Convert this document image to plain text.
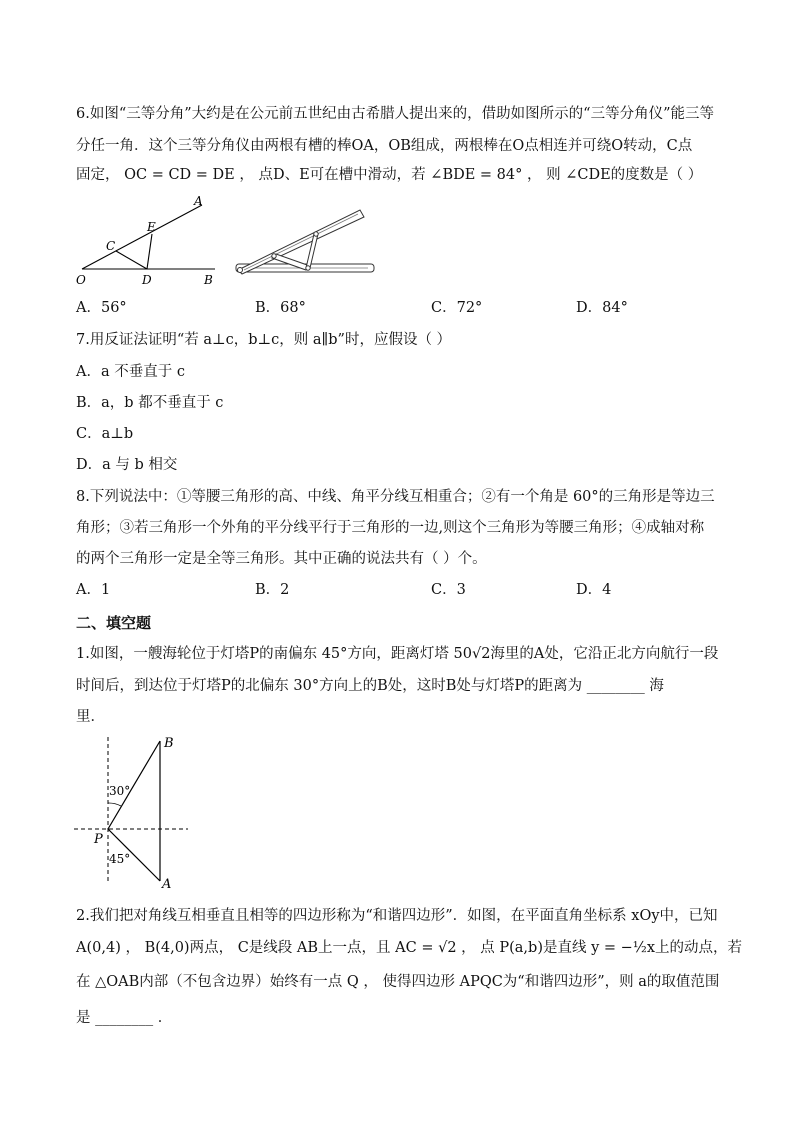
6.如图“三等分角”大约是在公元前五世纪由古希腊人提出来的，借助如图所示的“三等分角仪”能三等
分任一角．这个三等分角仪由两根有槽的棒OA，OB组成，两根棒在O点相连并可绕O转动，C点
固定， OC = CD = DE ， 点D、E可在槽中滑动，若 ∠BDE = 84° ， 则 ∠CDE的度数是（ ）
A
E
C
O	D	B
A．56°	B．68°	C．72°	D．84°
7.用反证法证明“若 a⊥c，b⊥c，则 a∥b”时，应假设（ ）
A．a 不垂直于 c
B．a，b 都不垂直于 c
C．a⊥b
D．a 与 b 相交
8.下列说法中：①等腰三角形的高、中线、角平分线互相重合；②有一个角是 60°的三角形是等边三
角形；③若三角形一个外角的平分线平行于三角形的一边,则这个三角形为等腰三角形；④成轴对称
的两个三角形一定是全等三角形。其中正确的说法共有（ ）个。
A．1	B．2	C．3	D．4
二、填空题
1.如图，一艘海轮位于灯塔P的南偏东 45°方向，距离灯塔 50√2海里的A处，它沿正北方向航行一段
时间后，到达位于灯塔P的北偏东 30°方向上的B处，这时B处与灯塔P的距离为 ________ 海
里．
B
A
P
30°
45°
2.我们把对角线互相垂直且相等的四边形称为“和谐四边形”．如图，在平面直角坐标系 xOy中，已知
A(0,4) ， B(4,0)两点， C是线段 AB上一点，且 AC = √2 ， 点 P(a,b)是直线 y = −½x上的动点，若
在 △OAB内部（不包含边界）始终有一点 Q ， 使得四边形 APQC为“和谐四边形”，则 a的取值范围
是 ________ ．
